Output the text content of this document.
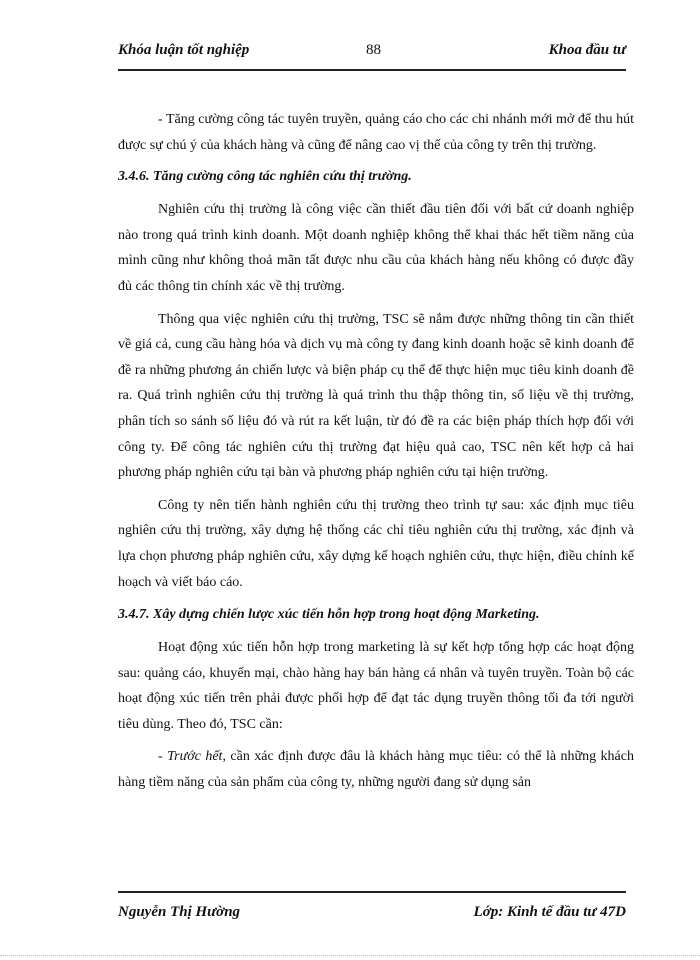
Khóa luận tốt nghiệp	88	Khoa đầu tư

- Tăng cường công tác tuyên truyền, quảng cáo cho các chi nhánh mới mở để thu hút được sự chú ý của khách hàng và cũng để nâng cao vị thế của công ty trên thị trường.

3.4.6. Tăng cường công tác nghiên cứu thị trường.

Nghiên cứu thị trường là công việc cần thiết đầu tiên đối với bất cứ doanh nghiệp nào trong quá trình kinh doanh. Một doanh nghiệp không thể khai thác hết tiềm năng của mình cũng như không thoả mãn tất được nhu cầu của khách hàng nếu không có được đầy đủ các thông tin chính xác về thị trường.

Thông qua việc nghiên cứu thị trường, TSC sẽ nắm được những thông tin cần thiết về giá cả, cung cầu hàng hóa và dịch vụ mà công ty đang kinh doanh hoặc sẽ kinh doanh để đề ra những phương án chiến lược và biện pháp cụ thể để thực hiện mục tiêu kinh doanh đề ra. Quá trình nghiên cứu thị trường là quá trình thu thập thông tin, số liệu về thị trường, phân tích so sánh số liệu đó và rút ra kết luận, từ đó đề ra các biện pháp thích hợp đối với công ty. Để công tác nghiên cứu thị trường đạt hiệu quả cao, TSC nên kết hợp cả hai phương pháp nghiên cứu tại bàn và phương pháp nghiên cứu tại hiện trường.

Công ty nên tiến hành nghiên cứu thị trường theo trình tự sau: xác định mục tiêu nghiên cứu thị trường, xây dựng hệ thống các chỉ tiêu nghiên cứu thị trường, xác định và lựa chọn phương pháp nghiên cứu, xây dựng kế hoạch nghiên cứu, thực hiện, điều chỉnh kế hoạch và viết báo cáo.

3.4.7. Xây dựng chiến lược xúc tiến hỗn hợp trong hoạt động Marketing.

Hoạt động xúc tiến hỗn hợp trong marketing là sự kết hợp tổng hợp các hoạt động sau: quảng cáo, khuyến mại, chào hàng hay bán hàng cá nhân và tuyên truyền. Toàn bộ các hoạt động xúc tiến trên phải được phối hợp để đạt tác dụng truyền thông tối đa tới người tiêu dùng. Theo đó, TSC cần:

- Trước hết, cần xác định được đâu là khách hàng mục tiêu: có thể là những khách hàng tiềm năng của sản phẩm của công ty, những người đang sử dụng sản

Nguyễn Thị Hường	Lớp: Kinh tế đầu tư 47D
